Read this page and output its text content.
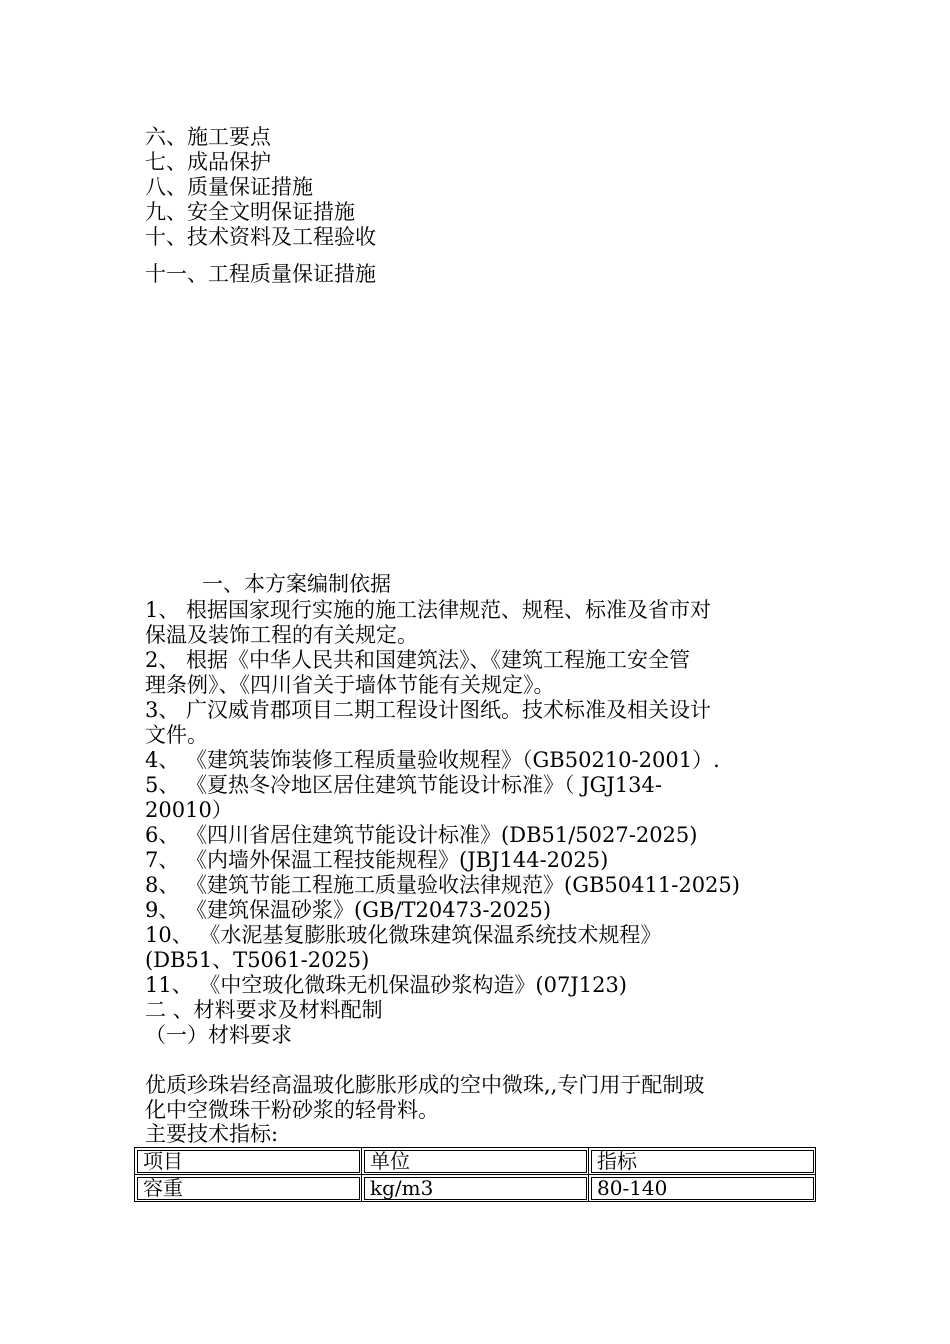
六、施工要点
七、成品保护
八、质量保证措施
九、安全文明保证措施
十、技术资料及工程验收
十一、工程质量保证措施
一、本方案编制依据
1、 根据国家现行实施的施工法律规范、规程、标准及省市对
保温及装饰工程的有关规定。
2、 根据《中华人民共和国建筑法》、《建筑工程施工安全管
理条例》、《四川省关于墙体节能有关规定》。
3、 广汉威肯郡项目二期工程设计图纸。技术标准及相关设计
文件。
4、 《建筑装饰装修工程质量验收规程》（GB50210-2001）.
5、 《夏热冬冷地区居住建筑节能设计标准》（ JGJ134-
20010）
6、 《四川省居住建筑节能设计标准》(DB51/5027-2025)
7、 《内墙外保温工程技能规程》(JBJ144-2025)
8、 《建筑节能工程施工质量验收法律规范》(GB50411-2025)
9、 《建筑保温砂浆》(GB/T20473-2025)
10、 《水泥基复膨胀玻化微珠建筑保温系统技术规程》
(DB51、T5061-2025)
11、 《中空玻化微珠无机保温砂浆构造》(07J123)
二 、材料要求及材料配制
（一）材料要求
优质珍珠岩经高温玻化膨胀形成的空中微珠,,专门用于配制玻
化中空微珠干粉砂浆的轻骨料。
主要技术指标:
项目	单位	指标
容重	kg/m3	80-140
